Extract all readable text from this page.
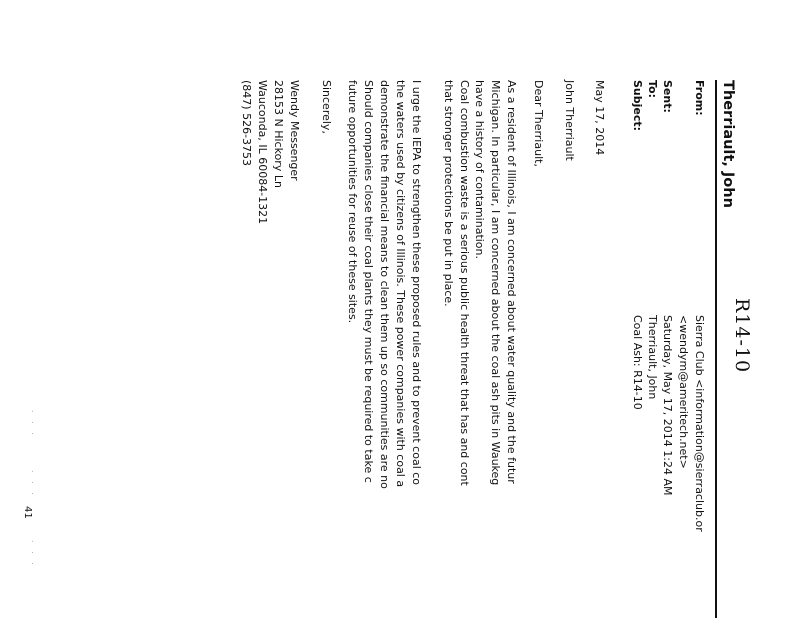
R14-10
Therriault, John
From:
Sierra Club <information@sierraclub.or
<wendym@ameritech.net>
Sent:
Saturday, May 17, 2014 1:24 AM
To:
Therriault, John
Subject:
Coal Ash: R14-10
May 17, 2014
John Therriault
Dear Therriault,
As a resident of Illinois, I am concerned about water quality and the futur
Michigan. In particular, I am concerned about the coal ash pits in Waukeg
have a history of contamination.
Coal combustion waste is a serious public health threat that has and cont
that stronger protections be put in place.
I urge the IEPA to strengthen these proposed rules and to prevent coal co
the waters used by citizens of Illinois. These power companies with coal a
demonstrate the financial means to clean them up so communities are no
Should companies close their coal plants they must be required to take c
future opportunities for reuse of these sites.
Sincerely,
Wendy Messenger
28153 N Hickory Ln
Wauconda, IL 60084-1321
(847) 526-3753
41
. . .
. . .
. . .
